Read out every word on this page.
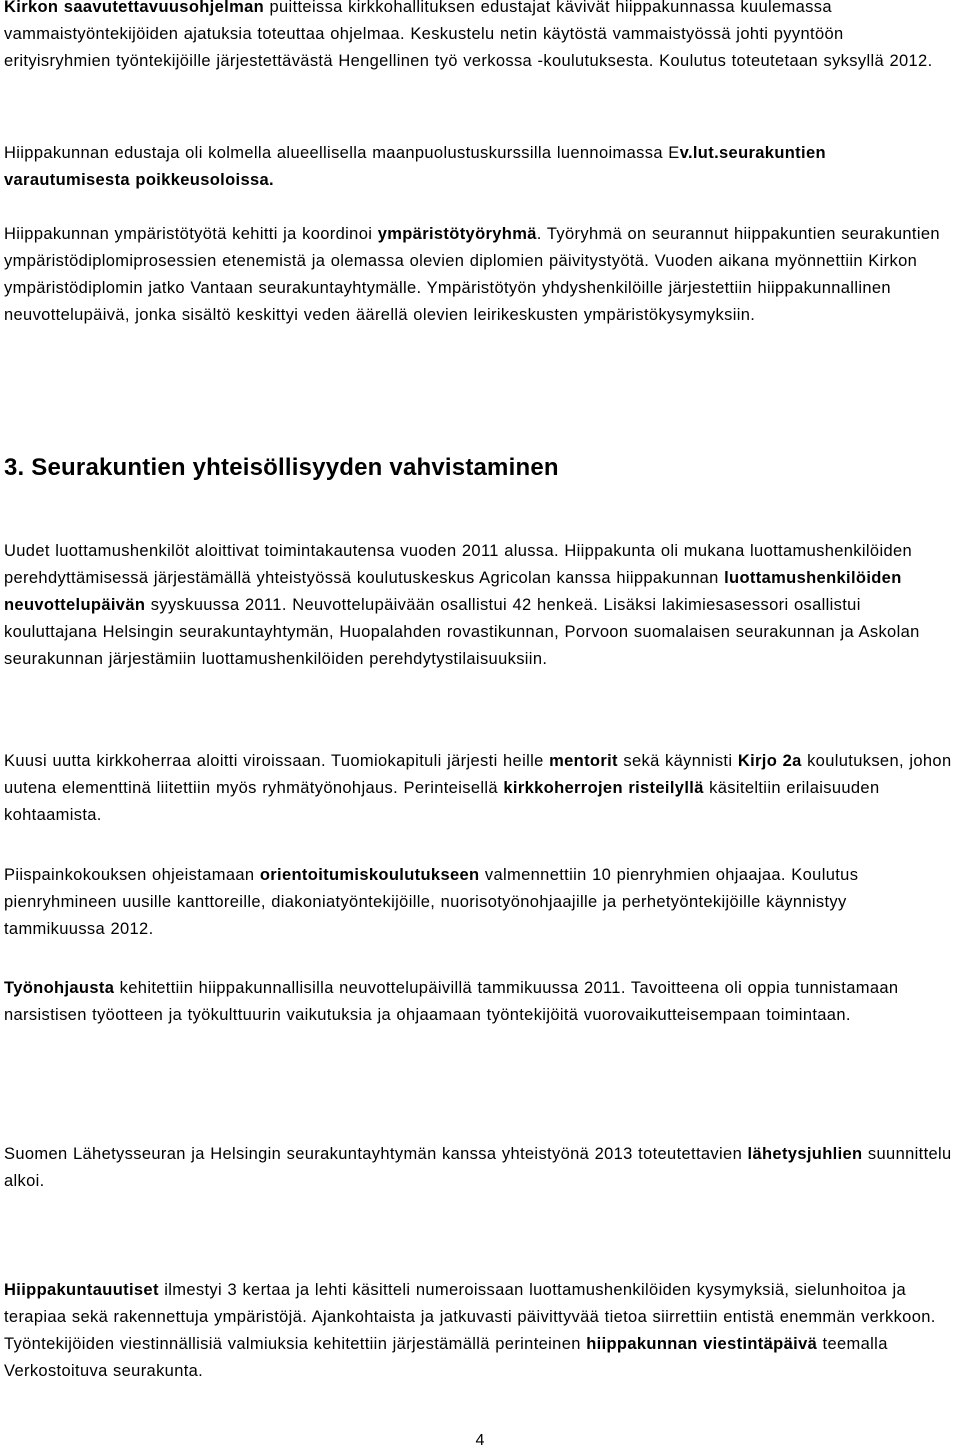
Kirkon saavutettavuusohjelman puitteissa kirkkohallituksen edustajat kävivät hiippakunnassa kuulemassa vammaistyöntekijöiden ajatuksia toteuttaa ohjelmaa. Keskustelu netin käytöstä vammaistyössä johti pyyntöön erityisryhmien työntekijöille järjestettävästä Hengellinen työ verkossa -koulutuksesta. Koulutus toteutetaan syksyllä 2012.

Hiippakunnan edustaja oli kolmella alueellisella maanpuolustuskurssilla luennoimassa Ev.lut.seurakuntien varautumisesta poikkeusoloissa.

Hiippakunnan ympäristötyötä kehitti ja koordinoi ympäristötyöryhmä. Työryhmä on seurannut hiippakuntien seurakuntien ympäristödiplomiprosessien etenemistä ja olemassa olevien diplomien päivitystyötä. Vuoden aikana myönnettiin Kirkon ympäristödiplomin jatko Vantaan seurakuntayhtymälle. Ympäristötyön yhdyshenkilöille järjestettiin hiippakunnallinen neuvottelupäivä, jonka sisältö keskittyi veden äärellä olevien leirikeskusten ympäristökysymyksiin.

3. Seurakuntien yhteisöllisyyden vahvistaminen

Uudet luottamushenkilöt aloittivat toimintakautensa vuoden 2011 alussa. Hiippakunta oli mukana luottamushenkilöiden perehdyttämisessä järjestämällä yhteistyössä koulutuskeskus Agricolan kanssa hiippakunnan luottamushenkilöiden neuvottelupäivän syyskuussa 2011. Neuvottelupäivään osallistui 42 henkeä. Lisäksi lakimiesasessori osallistui kouluttajana Helsingin seurakuntayhtymän, Huopalahden rovastikunnan, Porvoon suomalaisen seurakunnan ja Askolan seurakunnan järjestämiin luottamushenkilöiden perehdytystilaisuuksiin.

Kuusi uutta kirkkoherraa aloitti viroissaan. Tuomiokapituli järjesti heille mentorit sekä käynnisti Kirjo 2a koulutuksen, johon uutena elementtinä liitettiin myös ryhmätyönohjaus. Perinteisellä kirkkoherrojen risteilyllä käsiteltiin erilaisuuden kohtaamista.

Piispainkokouksen ohjeistamaan orientoitumiskoulutukseen valmennettiin 10 pienryhmien ohjaajaa. Koulutus pienryhmineen uusille kanttoreille, diakoniatyöntekijöille, nuorisotyönohjaajille ja perhetyöntekijöille käynnistyy tammikuussa 2012.

Työnohjausta kehitettiin hiippakunnallisilla neuvottelupäivillä tammikuussa 2011. Tavoitteena oli oppia tunnistamaan narsistisen työotteen ja työkulttuurin vaikutuksia ja ohjaamaan työntekijöitä vuorovaikutteisempaan toimintaan.

Suomen Lähetysseuran ja Helsingin seurakuntayhtymän kanssa yhteistyönä 2013 toteutettavien lähetysjuhlien suunnittelu alkoi.

Hiippakuntauutiset ilmestyi 3 kertaa ja lehti käsitteli numeroissaan luottamushenkilöiden kysymyksiä, sielunhoitoa ja terapiaa sekä rakennettuja ympäristöjä. Ajankohtaista ja jatkuvasti päivittyvää tietoa siirrettiin entistä enemmän verkkoon. Työntekijöiden viestinnällisiä valmiuksia kehitettiin järjestämällä perinteinen hiippakunnan viestintäpäivä teemalla Verkostoituva seurakunta.

4
